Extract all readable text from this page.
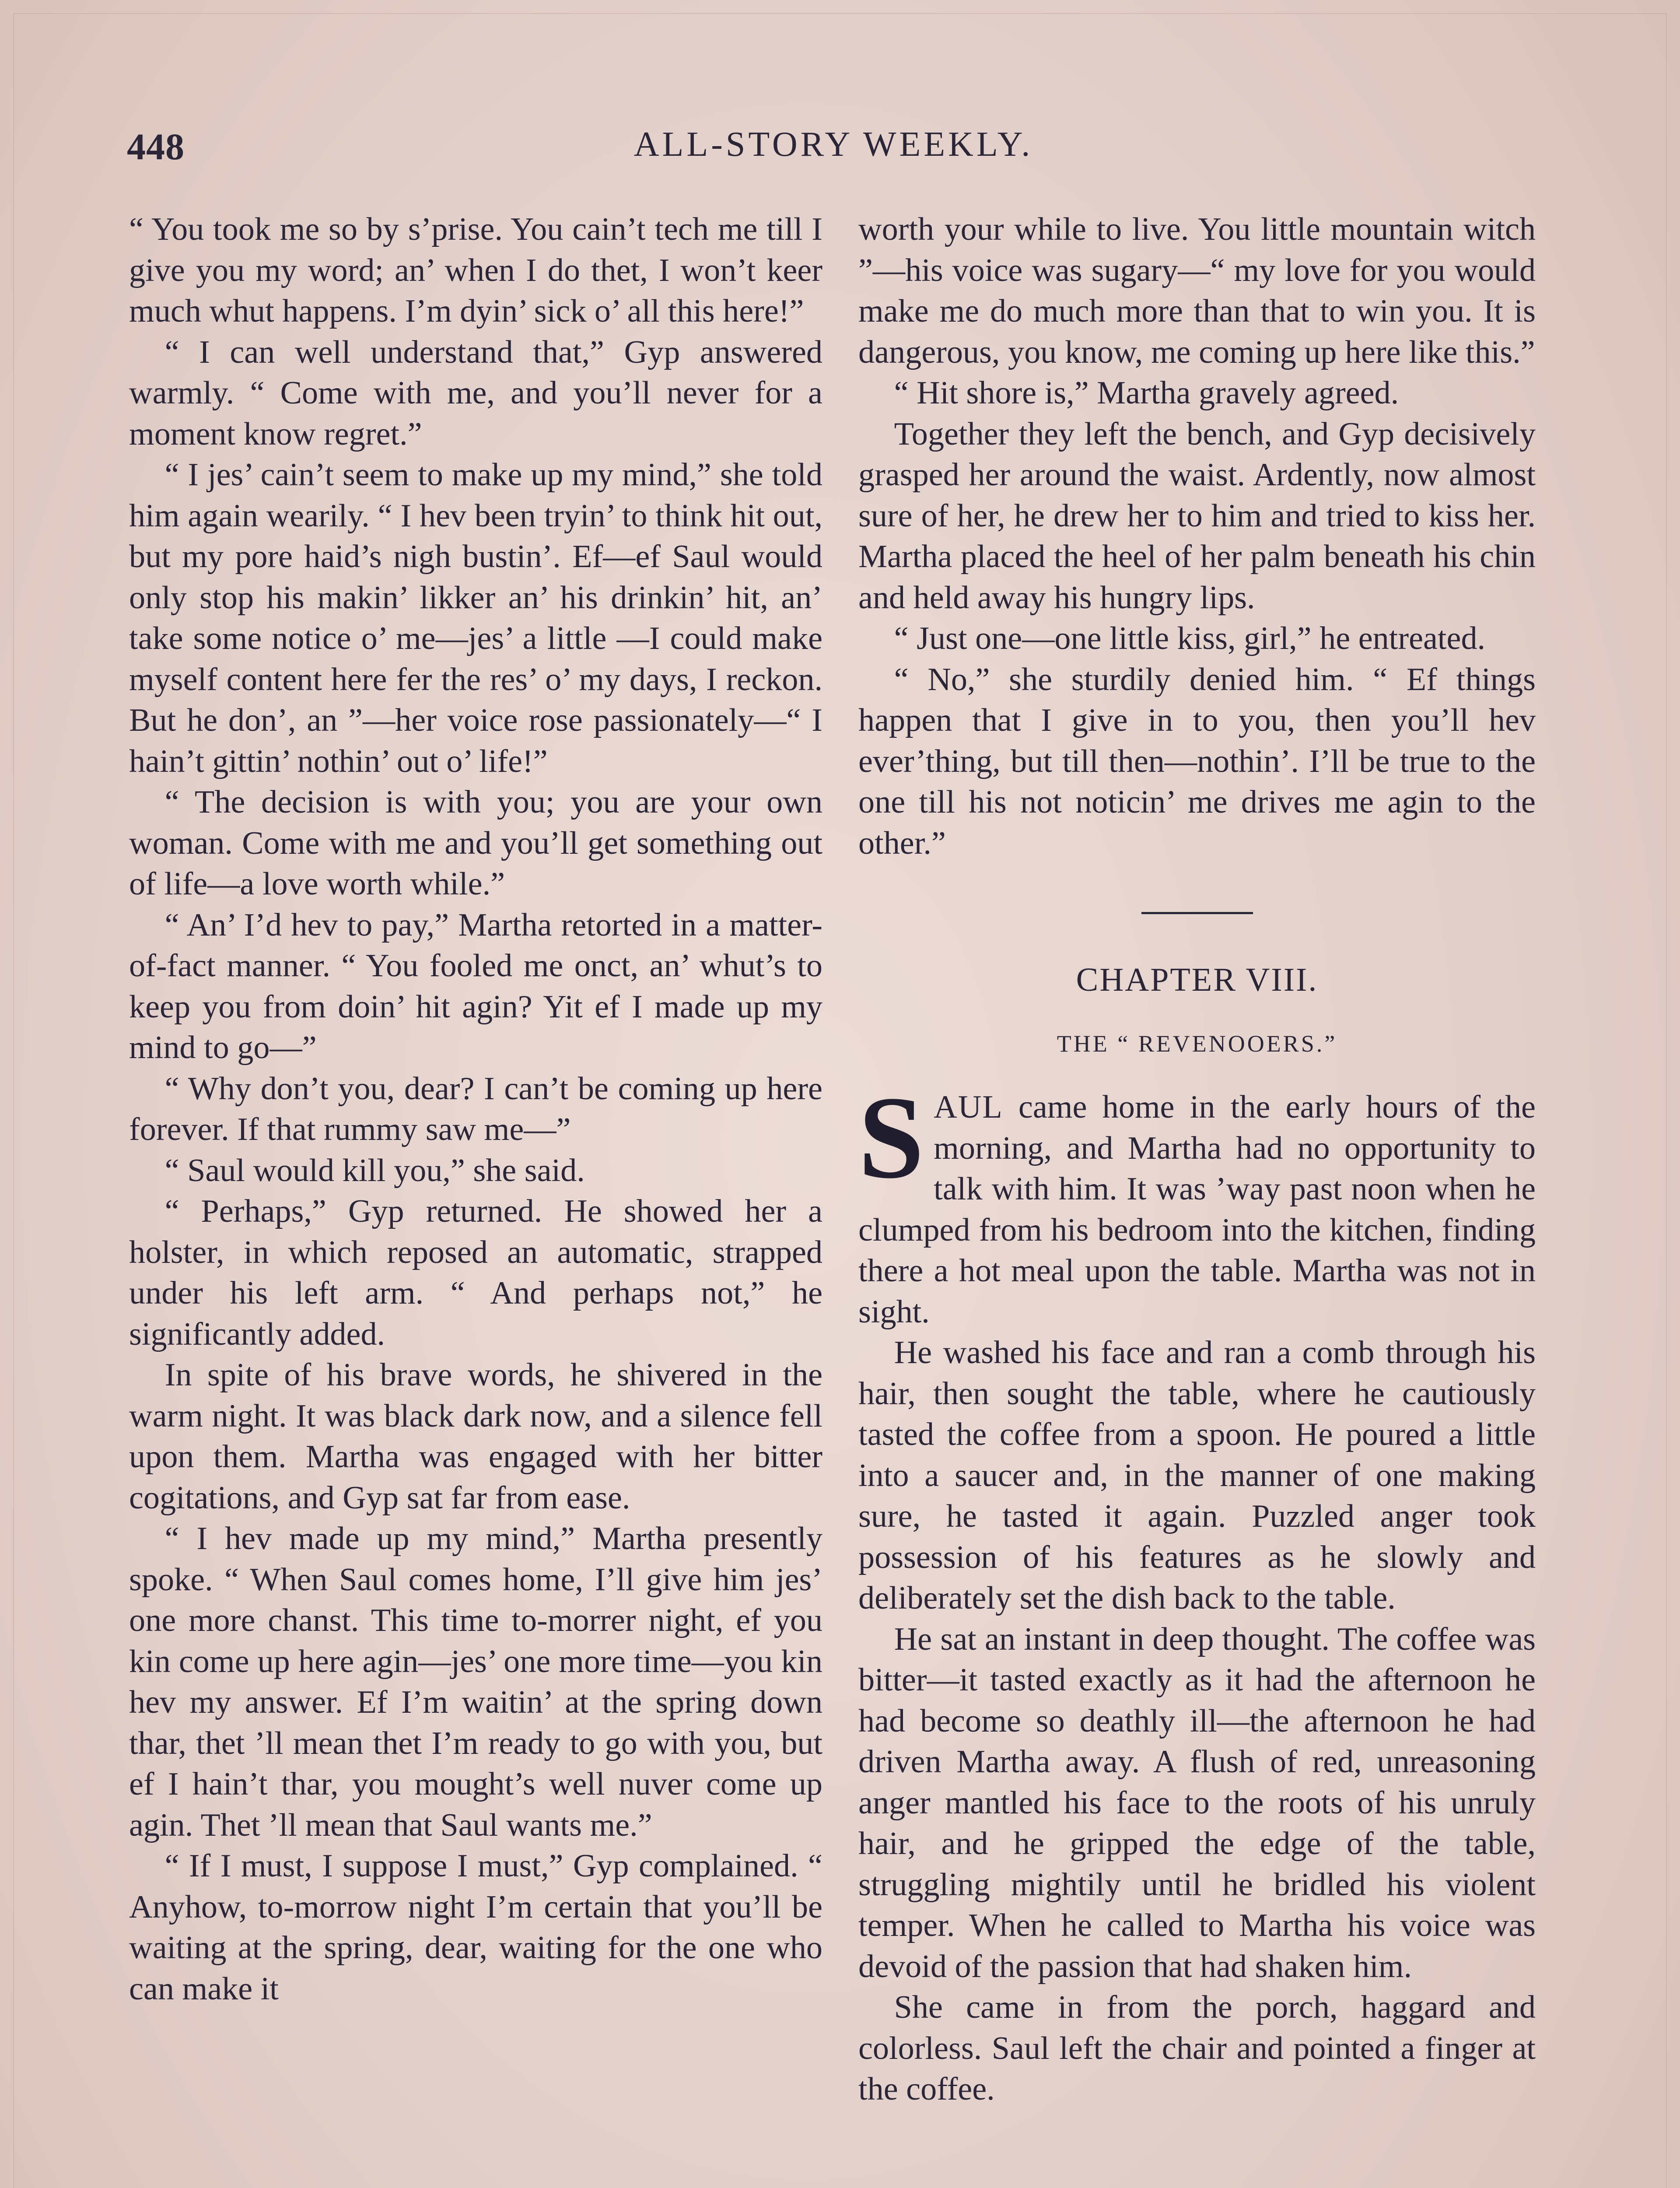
448	ALL-STORY WEEKLY.

“ You took me so by s’prise. You cain’t tech me till I give you my word; an’ when I do thet, I won’t keer much whut happens. I’m dyin’ sick o’ all this here!”

“ I can well understand that,” Gyp answered warmly. “ Come with me, and you’ll never for a moment know regret.”

“ I jes’ cain’t seem to make up my mind,” she told him again wearily. “ I hev been tryin’ to think hit out, but my pore haid’s nigh bustin’. Ef—ef Saul would only stop his makin’ likker an’ his drinkin’ hit, an’ take some notice o’ me—jes’ a little —I could make myself content here fer the res’ o’ my days, I reckon. But he don’, an ”—her voice rose passionately—“ I hain’t gittin’ nothin’ out o’ life!”

“ The decision is with you; you are your own woman. Come with me and you’ll get something out of life—a love worth while.”

“ An’ I’d hev to pay,” Martha retorted in a matter-of-fact manner. “ You fooled me onct, an’ whut’s to keep you from doin’ hit agin? Yit ef I made up my mind to go—”

“ Why don’t you, dear? I can’t be coming up here forever. If that rummy saw me—”

“ Saul would kill you,” she said.

“ Perhaps,” Gyp returned. He showed her a holster, in which reposed an automatic, strapped under his left arm. “ And perhaps not,” he significantly added.

In spite of his brave words, he shivered in the warm night. It was black dark now, and a silence fell upon them. Martha was engaged with her bitter cogitations, and Gyp sat far from ease.

“ I hev made up my mind,” Martha presently spoke. “ When Saul comes home, I’ll give him jes’ one more chanst. This time to-morrer night, ef you kin come up here agin—jes’ one more time—you kin hev my answer. Ef I’m waitin’ at the spring down thar, thet ’ll mean thet I’m ready to go with you, but ef I hain’t thar, you mought’s well nuver come up agin. Thet ’ll mean that Saul wants me.”

“ If I must, I suppose I must,” Gyp complained. “ Anyhow, to-morrow night I’m certain that you’ll be waiting at the spring, dear, waiting for the one who can make it

worth your while to live. You little mountain witch ”—his voice was sugary—“ my love for you would make me do much more than that to win you. It is dangerous, you know, me coming up here like this.”

“ Hit shore is,” Martha gravely agreed.

Together they left the bench, and Gyp decisively grasped her around the waist. Ardently, now almost sure of her, he drew her to him and tried to kiss her. Martha placed the heel of her palm beneath his chin and held away his hungry lips.

“ Just one—one little kiss, girl,” he entreated.

“ No,” she sturdily denied him. “ Ef things happen that I give in to you, then you’ll hev ever’thing, but till then—nothin’. I’ll be true to the one till his not noticin’ me drives me agin to the other.”

CHAPTER VIII.
THE “ REVENOOERS.”

SAUL came home in the early hours of the morning, and Martha had no opportunity to talk with him. It was ’way past noon when he clumped from his bedroom into the kitchen, finding there a hot meal upon the table. Martha was not in sight.

He washed his face and ran a comb through his hair, then sought the table, where he cautiously tasted the coffee from a spoon. He poured a little into a saucer and, in the manner of one making sure, he tasted it again. Puzzled anger took possession of his features as he slowly and deliberately set the dish back to the table.

He sat an instant in deep thought. The coffee was bitter—it tasted exactly as it had the afternoon he had become so deathly ill—the afternoon he had driven Martha away. A flush of red, unreasoning anger mantled his face to the roots of his unruly hair, and he gripped the edge of the table, struggling mightily until he bridled his violent temper. When he called to Martha his voice was devoid of the passion that had shaken him.

She came in from the porch, haggard and colorless. Saul left the chair and pointed a finger at the coffee.
